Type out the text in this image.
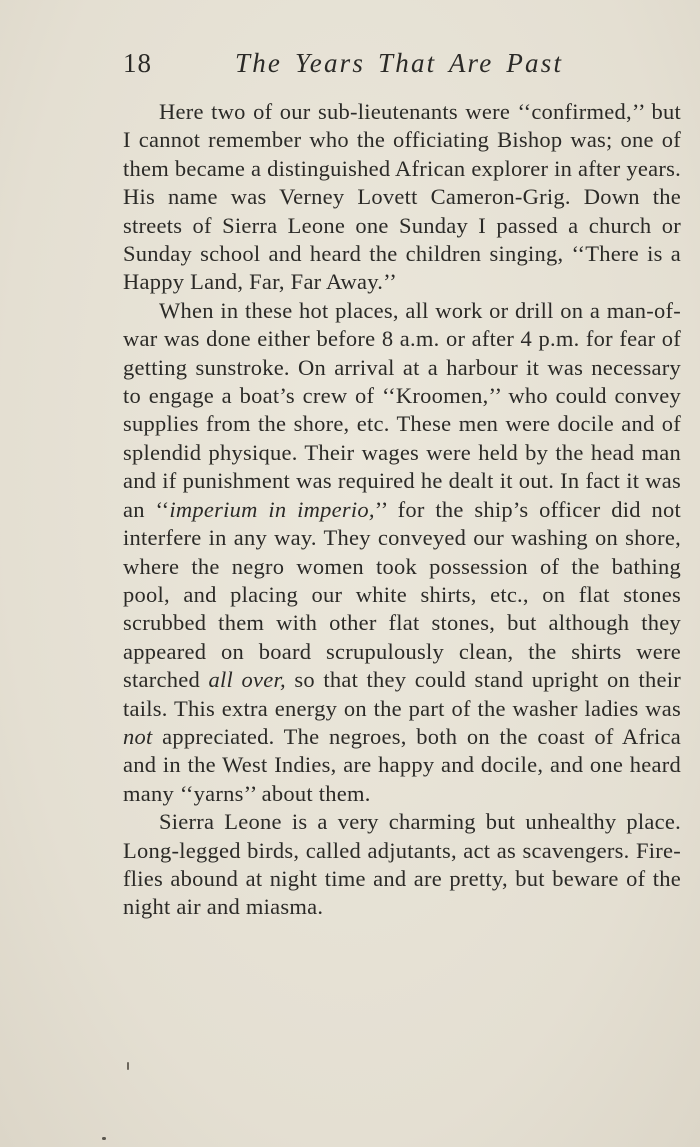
18	The Years That Are Past

Here two of our sub-lieutenants were ‘‘confirmed,’’ but I cannot remember who the officiating Bishop was; one of them became a distinguished African explorer in after years. His name was Verney Lovett Cameron-Grig. Down the streets of Sierra Leone one Sunday I passed a church or Sunday school and heard the children singing, ‘‘There is a Happy Land, Far, Far Away.’’

When in these hot places, all work or drill on a man-of-war was done either before 8 a.m. or after 4 p.m. for fear of getting sunstroke. On arrival at a harbour it was necessary to engage a boat’s crew of ‘‘Kroomen,’’ who could convey supplies from the shore, etc. These men were docile and of splendid physique. Their wages were held by the head man and if punishment was required he dealt it out. In fact it was an ‘‘imperium in imperio,’’ for the ship’s officer did not interfere in any way. They conveyed our washing on shore, where the negro women took possession of the bathing pool, and placing our white shirts, etc., on flat stones scrubbed them with other flat stones, but although they appeared on board scrupulously clean, the shirts were starched all over, so that they could stand upright on their tails. This extra energy on the part of the washer ladies was not appreciated. The negroes, both on the coast of Africa and in the West Indies, are happy and docile, and one heard many ‘‘yarns’’ about them.

Sierra Leone is a very charming but unhealthy place. Long-legged birds, called adjutants, act as scavengers. Fire-flies abound at night time and are pretty, but beware of the night air and miasma.
